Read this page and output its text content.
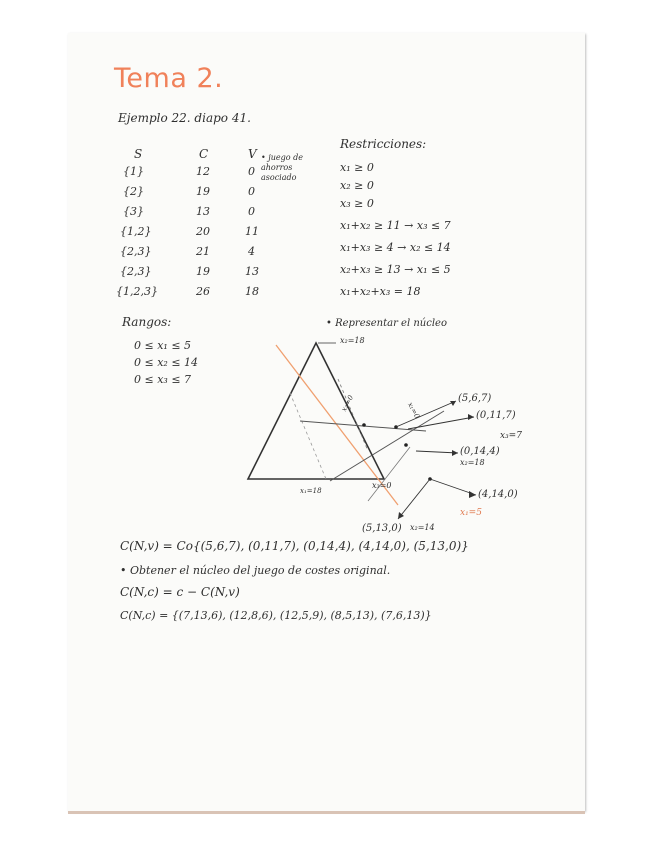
Tema 2.
Ejemplo 22. diapo 41.
S	C	V • juego de ahorros asociado
{1}	12	0
{2}	19	0
{3}	13	0
{1,2}	20	11
{2,3}	21	4
{2,3}	19	13
{1,2,3}	26	18
Restricciones:
x₁ ≥ 0
x₂ ≥ 0
x₃ ≥ 0
x₁+x₂ ≥ 11 → x₃ ≤ 7
x₁+x₃ ≥ 4 → x₂ ≤ 14
x₂+x₃ ≥ 13 → x₁ ≤ 5
x₁+x₂+x₃ = 18
Rangos:
0 ≤ x₁ ≤ 5
0 ≤ x₂ ≤ 14
0 ≤ x₃ ≤ 7
• Representar el núcleo
x₂=18
x₁=18
x₃=0
x₁=0
x₂=0
x₃=7
x₂=18
x₂=14
x₁=5
(5,6,7)
(0,11,7)
(0,14,4)
(4,14,0)
(5,13,0)
C(N,v) = Co{(5,6,7), (0,11,7), (0,14,4), (4,14,0), (5,13,0)}
• Obtener el núcleo del juego de costes original.
C(N,c) = c − C(N,v)
C(N,c) = {(7,13,6), (12,8,6), (12,5,9), (8,5,13), (7,6,13)}
